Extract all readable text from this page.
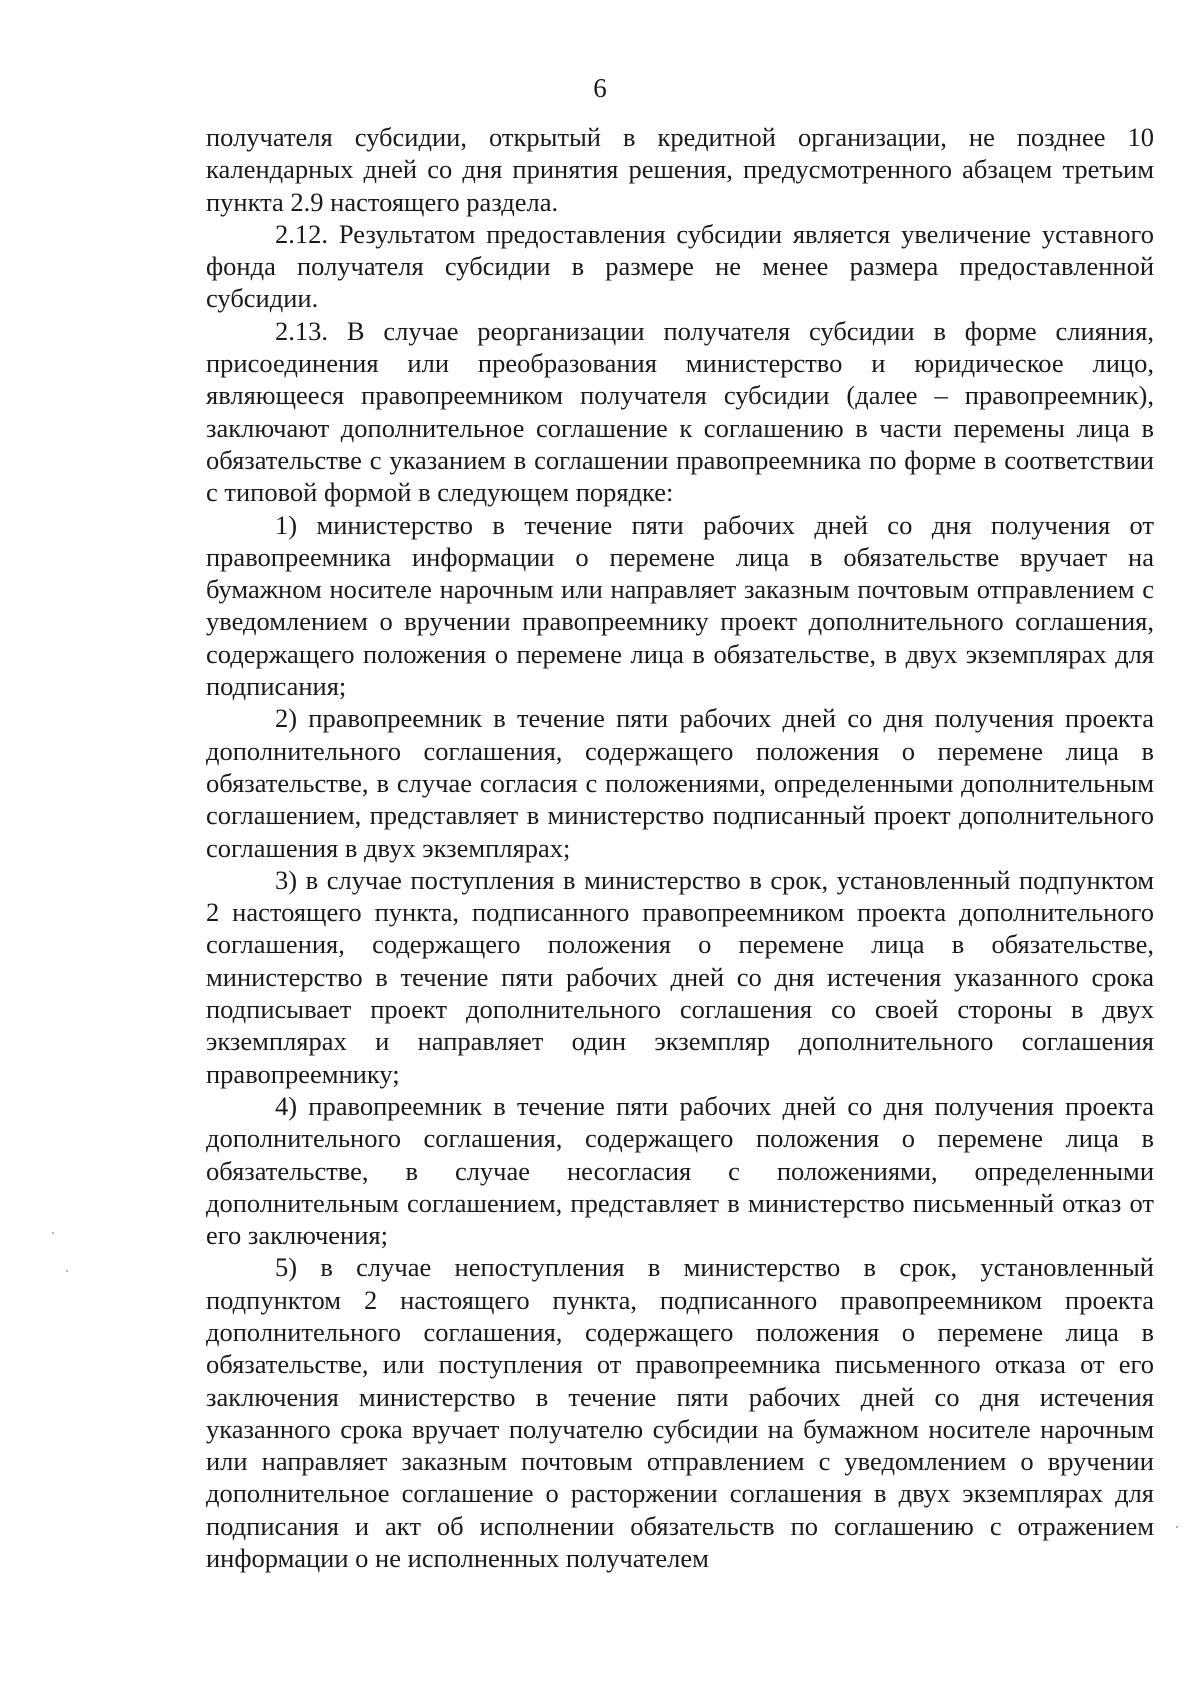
6

получателя субсидии, открытый в кредитной организации, не позднее 10 календарных дней со дня принятия решения, предусмотренного абзацем третьим пункта 2.9 настоящего раздела.

2.12. Результатом предоставления субсидии является увеличение уставного фонда получателя субсидии в размере не менее размера предоставленной субсидии.

2.13. В случае реорганизации получателя субсидии в форме слияния, присоединения или преобразования министерство и юридическое лицо, являющееся правопреемником получателя субсидии (далее – правопреемник), заключают дополнительное соглашение к соглашению в части перемены лица в обязательстве с указанием в соглашении правопреемника по форме в соответствии с типовой формой в следующем порядке:

1) министерство в течение пяти рабочих дней со дня получения от правопреемника информации о перемене лица в обязательстве вручает на бумажном носителе нарочным или направляет заказным почтовым отправлением с уведомлением о вручении правопреемнику проект дополнительного соглашения, содержащего положения о перемене лица в обязательстве, в двух экземплярах для подписания;

2) правопреемник в течение пяти рабочих дней со дня получения проекта дополнительного соглашения, содержащего положения о перемене лица в обязательстве, в случае согласия с положениями, определенными дополнительным соглашением, представляет в министерство подписанный проект дополнительного соглашения в двух экземплярах;

3) в случае поступления в министерство в срок, установленный подпунктом 2 настоящего пункта, подписанного правопреемником проекта дополнительного соглашения, содержащего положения о перемене лица в обязательстве, министерство в течение пяти рабочих дней со дня истечения указанного срока подписывает проект дополнительного соглашения со своей стороны в двух экземплярах и направляет один экземпляр дополнительного соглашения правопреемнику;

4) правопреемник в течение пяти рабочих дней со дня получения проекта дополнительного соглашения, содержащего положения о перемене лица в обязательстве, в случае несогласия с положениями, определенными дополнительным соглашением, представляет в министерство письменный отказ от его заключения;

5) в случае непоступления в министерство в срок, установленный подпунктом 2 настоящего пункта, подписанного правопреемником проекта дополнительного соглашения, содержащего положения о перемене лица в обязательстве, или поступления от правопреемника письменного отказа от его заключения министерство в течение пяти рабочих дней со дня истечения указанного срока вручает получателю субсидии на бумажном носителе нарочным или направляет заказным почтовым отправлением с уведомлением о вручении дополнительное соглашение о расторжении соглашения в двух экземплярах для подписания и акт об исполнении обязательств по соглашению с отражением информации о не исполненных получателем
